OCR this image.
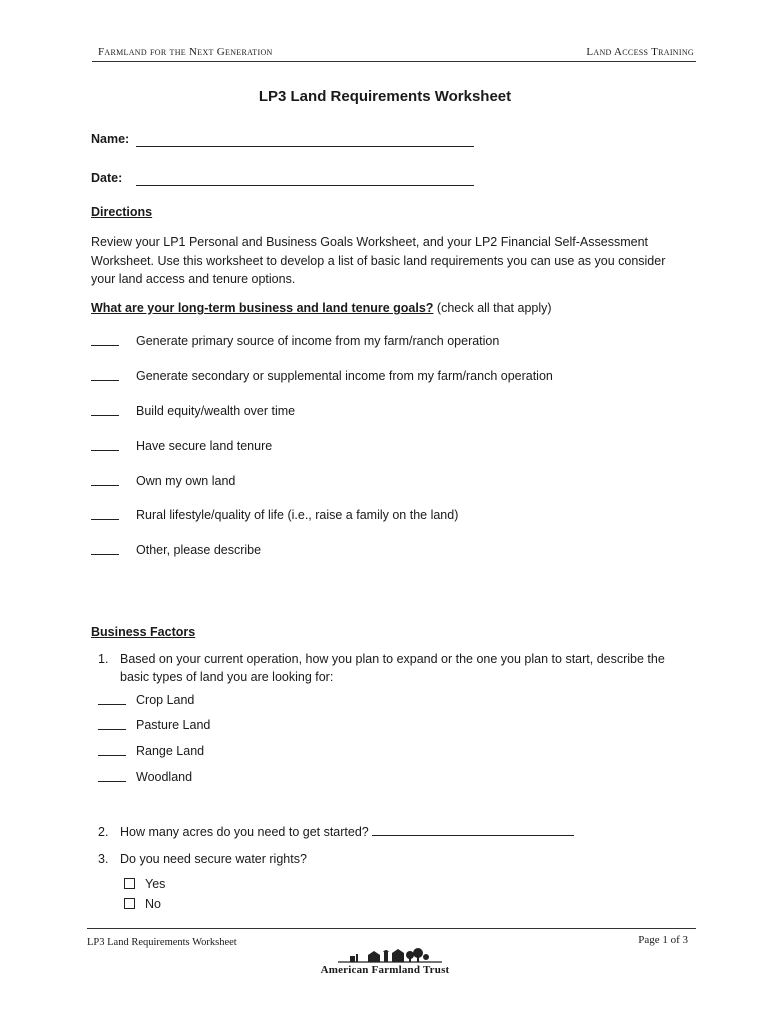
Farmland for the Next Generation	Land Access Training
LP3 Land Requirements Worksheet
Name:
Date:
Directions
Review your LP1 Personal and Business Goals Worksheet, and your LP2 Financial Self-Assessment Worksheet. Use this worksheet to develop a list of basic land requirements you can use as you consider your land access and tenure options.
What are your long-term business and land tenure goals? (check all that apply)
Generate primary source of income from my farm/ranch operation
Generate secondary or supplemental income from my farm/ranch operation
Build equity/wealth over time
Have secure land tenure
Own my own land
Rural lifestyle/quality of life (i.e., raise a family on the land)
Other, please describe
Business Factors
1. Based on your current operation, how you plan to expand or the one you plan to start, describe the basic types of land you are looking for:
Crop Land
Pasture Land
Range Land
Woodland
2. How many acres do you need to get started?
3. Do you need secure water rights?
Yes
No
LP3 Land Requirements Worksheet	Page 1 of 3
American Farmland Trust
